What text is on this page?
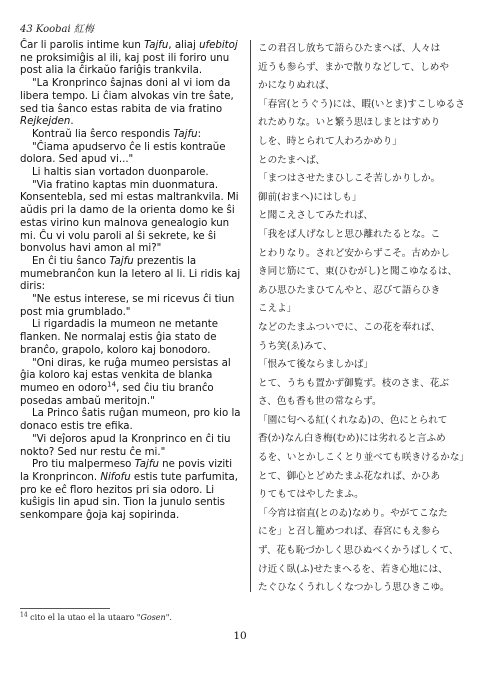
43 Koobai 紅梅

Ĉar li parolis intime kun Tajfu, aliaj ufebitoj ne proksimiĝis al ili, kaj post ili foriro unu post alia la ĉirkaŭo fariĝis trankvila.

"La Kronprinco ŝajnas doni al vi iom da libera tempo. Li ĉiam alvokas vin tre ŝate, sed tia ŝanco estas rabita de via fratino Rejkejden.

Kontraŭ lia ŝerco respondis Tajfu:

"Ĉiama apudservo ĉe li estis kontraŭe dolora. Sed apud vi..."

Li haltis sian vortadon duonparole.

"Via fratino kaptas min duonmatura. Konsentebla, sed mi estas maltrankvila. Mi aŭdis pri la damo de la orienta domo ke ŝi estas virino kun malnova genealogio kun mi. Ĉu vi volu paroli al ŝi sekrete, ke ŝi bonvolus havi amon al mi?"

En ĉi tiu ŝanco Tajfu prezentis la mumebranĉon kun la letero al li. Li ridis kaj diris:

"Ne estus interese, se mi ricevus ĉi tiun post mia grumblado."

Li rigardadis la mumeon ne metante flanken. Ne normalaj estis ĝia stato de branĉo, grapolo, koloro kaj bonodoro.

"Oni diras, ke ruĝa mumeo persistas al ĝia koloro kaj estas venkita de blanka mumeo en odoro$^{14}$, sed ĉiu tiu branĉo posedas ambaŭ meritojn."

La Princo ŝatis ruĝan mumeon, pro kio la donaco estis tre efika.

"Vi deĵoros apud la Kronprinco en ĉi tiu nokto? Sed nur restu ĉe mi."

Pro tiu malpermeso Tajfu ne povis viziti la Kronprincon. Nifofu estis tute parfumita, pro ke eĉ floro hezitos pri sia odoro. Li kuŝigis lin apud sin. Tion la junulo sentis senkompare ĝoja kaj sopirinda.

この君召し放ちて語らひたまへば、人々は

近うも参らず、まかで散りなどして、しめや

かになりぬれば、

「春宮(とうぐう)には、暇(いとま)すこしゆるさ

れためりな。いと繁う思ほしまとはすめり

しを、時とられて人わろかめり」

とのたまへば、

「まつはさせたまひしこそ苦しかりしか。

御前(おまへ)にはしも」

と聞こえさしてみたれば、

「我をば人げなしと思ひ離れたるとな。こ

とわりなり。されど安からずこそ。古めかし

き同じ筋にて、東(ひむがし)と聞こゆなるは、

あひ思ひたまひてんやと、忍びて語らひき

こえよ」

などのたまふついでに、この花を奉れば、

うち笑(ゑ)みて、

「恨みて後ならましかば」

とて、うちも置かず御覧ず。枝のさま、花ぶ

さ、色も香も世の常ならず。

「園に匂へる紅(くれなゐ)の、色にとられて

香(か)なん白き梅(むめ)には劣れると言ふめ

るを、いとかしこくとり並べても咲きけるかな」

とて、御心とどめたまふ花なれば、かひあ

りてもてはやしたまふ。

「今宵は宿直(とのゐ)なめり。やがてこなた

にを」と召し籠めつれば、春宮にもえ参ら

ず、花も恥づかしく思ひぬべくかうばしくて、

け近く臥(ふ)せたまへるを、若き心地には、

たぐひなくうれしくなつかしう思ひきこゆ。

$^{14}$ cito el la utao el la utaaro "Gosen".
10
